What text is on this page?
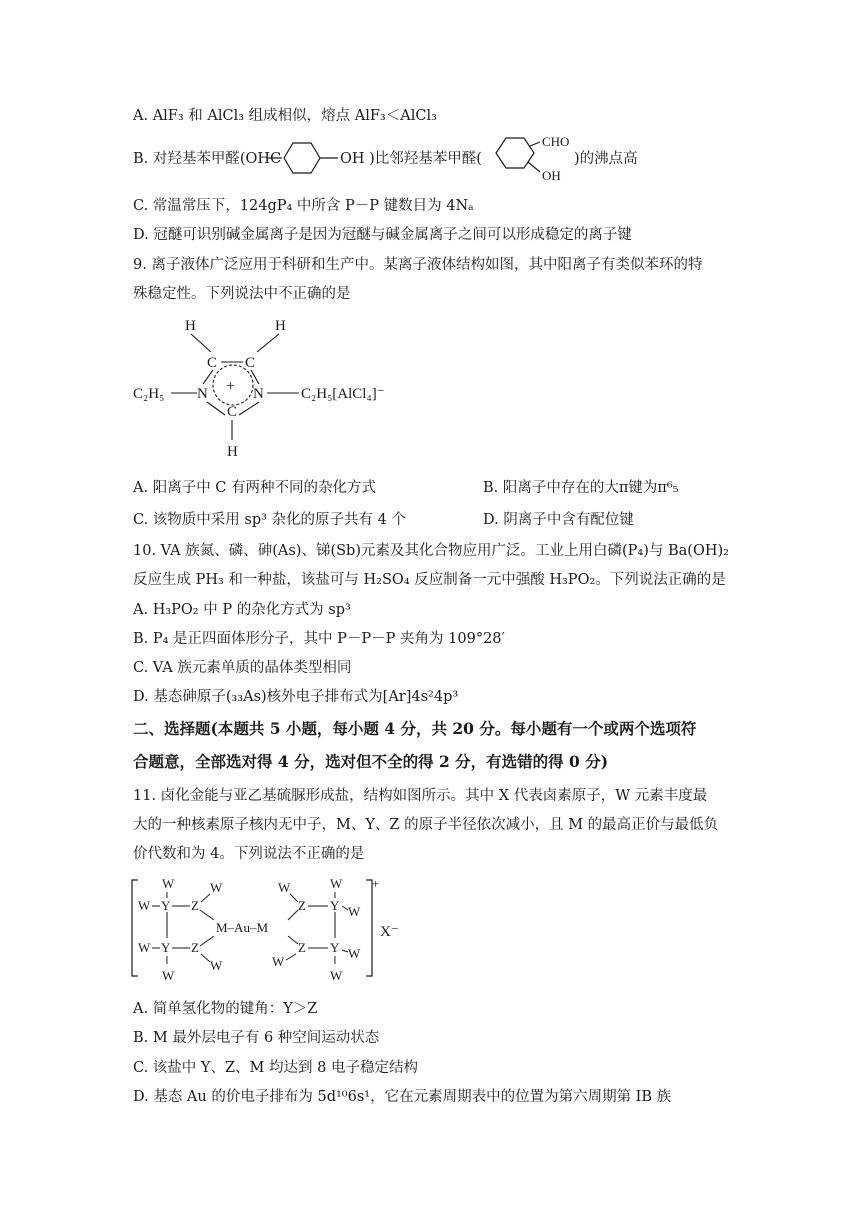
A. AlF₃ 和 AlCl₃ 组成相似，熔点 AlF₃＜AlCl₃
B. 对羟基苯甲醛(OHC	OH )比邻羟基苯甲醛(
CHO
OH
)的沸点高
C. 常温常压下，124gP₄ 中所含 P－P 键数目为 4Nₐ
D. 冠醚可识别碱金属离子是因为冠醚与碱金属离子之间可以形成稳定的离子键
9. 离子液体广泛应用于科研和生产中。某离子液体结构如图，其中阳离子有类似苯环的特
殊稳定性。下列说法中不正确的是
H	H
C C
+
C₂H₅ N	N C₂H₅[AlCl₄]⁻
C
H
A. 阳离子中 C 有两种不同的杂化方式	B. 阳离子中存在的大π键为π⁶₅
C. 该物质中采用 sp³ 杂化的原子共有 4 个	D. 阴离子中含有配位键
10. VA 族氮、磷、砷(As)、锑(Sb)元素及其化合物应用广泛。工业上用白磷(P₄)与 Ba(OH)₂
反应生成 PH₃ 和一种盐，该盐可与 H₂SO₄ 反应制备一元中强酸 H₃PO₂。下列说法正确的是
A. H₃PO₂ 中 P 的杂化方式为 sp³
B. P₄ 是正四面体形分子，其中 P－P－P 夹角为 109°28′
C. VA 族元素单质的晶体类型相同
D. 基态砷原子(₃₃As)核外电子排布式为[Ar]4s²4p³
二、选择题(本题共 5 小题，每小题 4 分，共 20 分。每小题有一个或两个选项符
合题意，全部选对得 4 分，选对但不全的得 2 分，有选错的得 0 分)
11. 卤化金能与亚乙基硫脲形成盐，结构如图所示。其中 X 代表卤素原子，W 元素丰度最
大的一种核素原子核内无中子，M、Y、Z 的原子半径依次减小，且 M 的最高正价与最低负
价代数和为 4。下列说法不正确的是
+
W	W
W Y Z
M–Au–M
W Y Z
W
W
W	W
Z Y W
W
Z Y W
W
X⁻
A. 简单氢化物的键角：Y＞Z
B. M 最外层电子有 6 种空间运动状态
C. 该盐中 Y、Z、M 均达到 8 电子稳定结构
D. 基态 Au 的价电子排布为 5d¹⁰6s¹，它在元素周期表中的位置为第六周期第 IB 族
